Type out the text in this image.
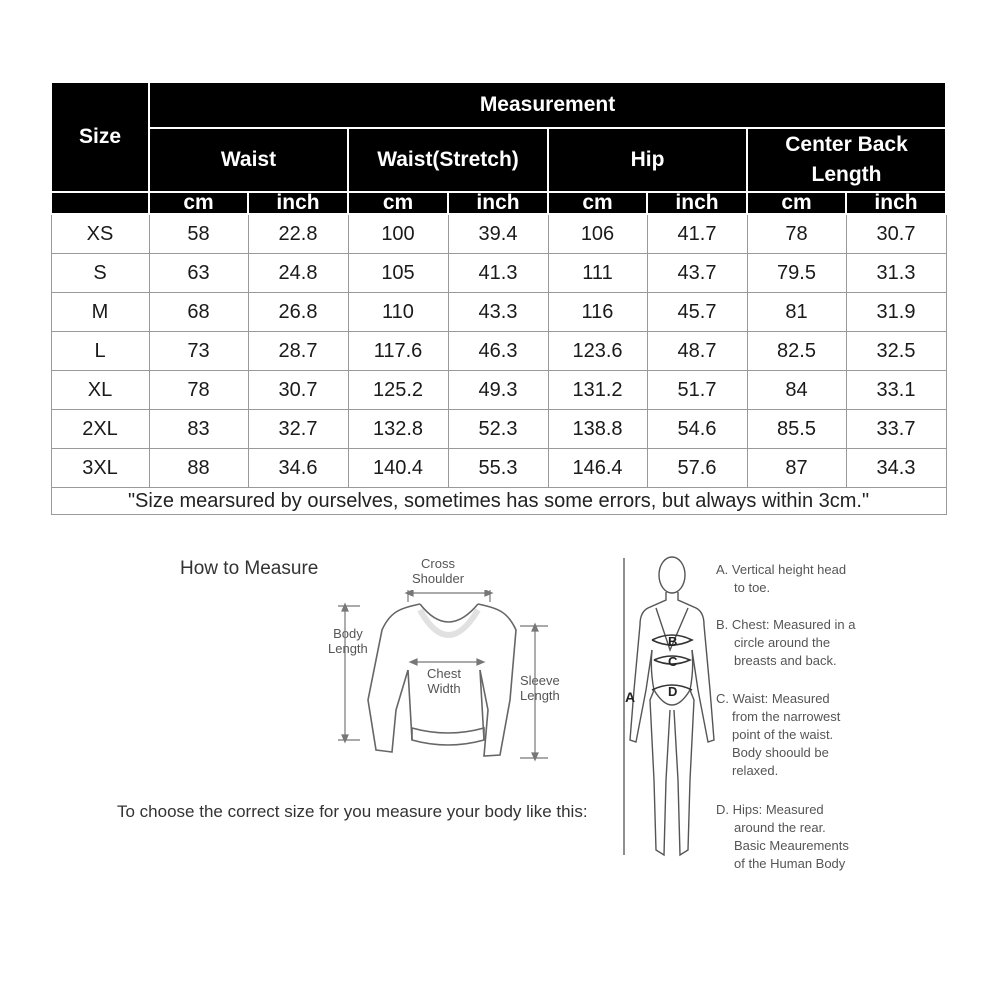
Size	Measurement							
	Waist		Waist(Stretch)		Hip		Center Back Length	
	cm	inch	cm	inch	cm	inch	cm	inch
XS	58	22.8	100	39.4	106	41.7	78	30.7
S	63	24.8	105	41.3	111	43.7	79.5	31.3
M	68	26.8	110	43.3	116	45.7	81	31.9
L	73	28.7	117.6	46.3	123.6	48.7	82.5	32.5
XL	78	30.7	125.2	49.3	131.2	51.7	84	33.1
2XL	83	32.7	132.8	52.3	138.8	54.6	85.5	33.7
3XL	88	34.6	140.4	55.3	146.4	57.6	87	34.3
"Size mearsured by ourselves, sometimes has some errors, but always within 3cm."								
How to Measure	Cross
Shoulder
Body
Length
Chest
Width
Sleeve
Length
To choose the correct size for you measure your body like this:
B
C
D
A
A. Vertical height head
to toe.
B. Chest: Measured in a
circle around the
breasts and back.
C. Waist: Measured
from the narrowest
point of the waist.
Body shoould be
relaxed.
D. Hips: Measured
around the rear.
Basic Meaurements
of the Human Body
